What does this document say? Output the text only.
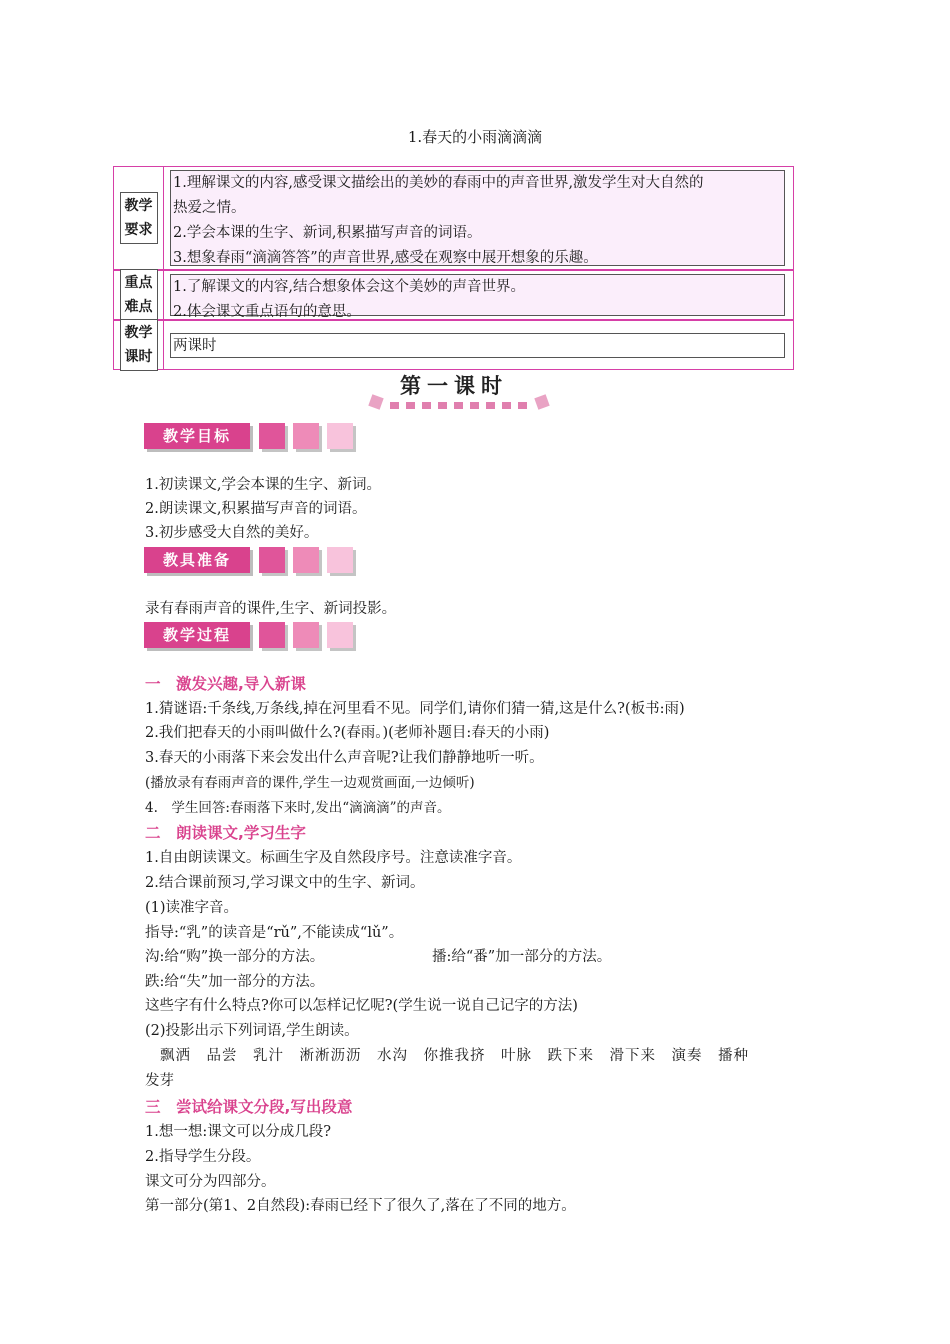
1.春天的小雨滴滴滴
教学要求
1.理解课文的内容,感受课文描绘出的美妙的春雨中的声音世界,激发学生对大自然的
热爱之情。
2.学会本课的生字、新词,积累描写声音的词语。
3.想象春雨“滴滴答答”的声音世界,感受在观察中展开想象的乐趣。
重点难点
1.了解课文的内容,结合想象体会这个美妙的声音世界。
2.体会课文重点语句的意思。
教学课时
两课时
第一课时
教学目标
1.初读课文,学会本课的生字、新词。
2.朗读课文,积累描写声音的词语。
3.初步感受大自然的美好。
教具准备
录有春雨声音的课件,生字、新词投影。
教学过程
一　激发兴趣,导入新课
1.猜谜语:千条线,万条线,掉在河里看不见。同学们,请你们猜一猜,这是什么?(板书:雨)
2.我们把春天的小雨叫做什么?(春雨。)(老师补题目:春天的小雨)
3.春天的小雨落下来会发出什么声音呢?让我们静静地听一听。
(播放录有春雨声音的课件,学生一边观赏画面,一边倾听)
4.　学生回答:春雨落下来时,发出“滴滴滴”的声音。
二　朗读课文,学习生字
1.自由朗读课文。标画生字及自然段序号。注意读准字音。
2.结合课前预习,学习课文中的生字、新词。
(1)读准字音。
指导:“乳”的读音是“rǔ”,不能读成“lǔ”。
沟:给“购”换一部分的方法。	播:给“番”加一部分的方法。
跌:给“失”加一部分的方法。
这些字有什么特点?你可以怎样记忆呢?(学生说一说自己记字的方法)
(2)投影出示下列词语,学生朗读。
飘洒　品尝　乳汁　淅淅沥沥　水沟　你推我挤　叶脉　跌下来　滑下来　演奏　播种
发芽
三　尝试给课文分段,写出段意
1.想一想:课文可以分成几段?
2.指导学生分段。
课文可分为四部分。
第一部分(第1、2自然段):春雨已经下了很久了,落在了不同的地方。
